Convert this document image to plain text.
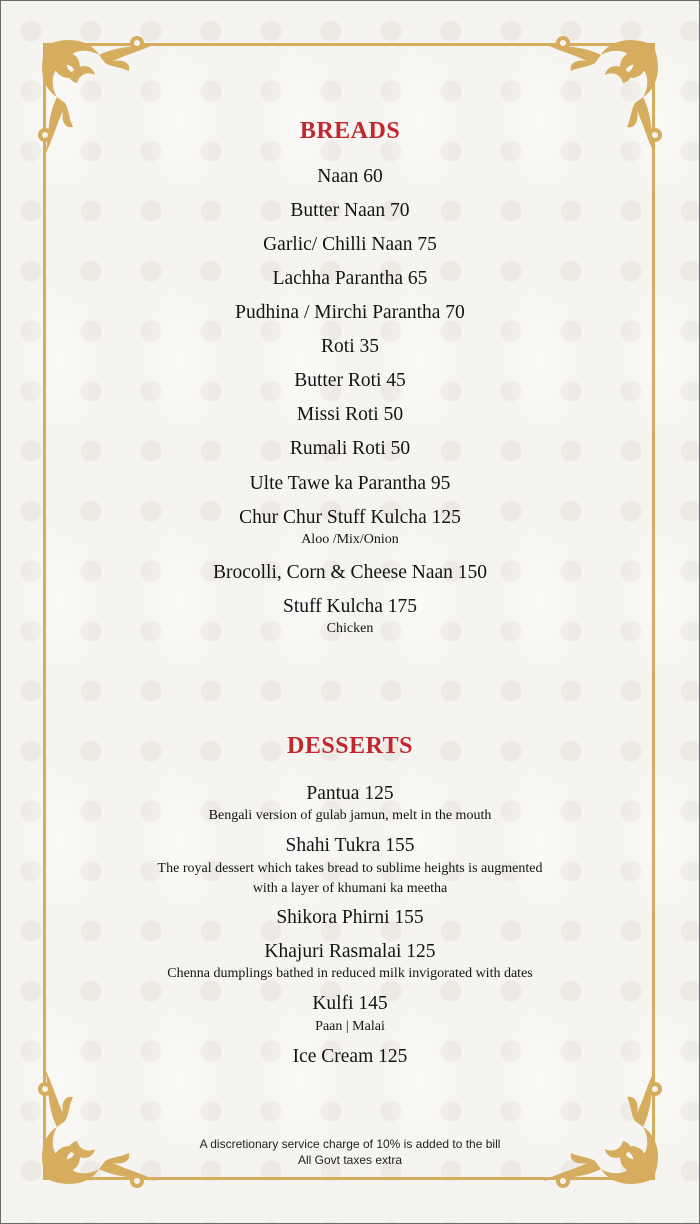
BREADS

Naan 60

Butter Naan 70

Garlic/ Chilli Naan 75

Lachha Parantha 65

Pudhina / Mirchi Parantha 70

Roti 35

Butter Roti 45

Missi Roti 50

Rumali Roti 50

Ulte Tawe ka Parantha 95

Chur Chur Stuff Kulcha 125

Aloo /Mix/Onion

Brocolli, Corn & Cheese Naan 150

Stuff Kulcha 175

Chicken

DESSERTS

Pantua 125

Bengali version of gulab jamun, melt in the mouth

Shahi Tukra 155

The royal dessert which takes bread to sublime heights is augmented

with a layer of khumani ka meetha

Shikora Phirni 155

Khajuri Rasmalai 125

Chenna dumplings bathed in reduced milk invigorated with dates

Kulfi 145

Paan | Malai

Ice Cream 125

A discretionary service charge of 10% is added to the bill
All Govt taxes extra
